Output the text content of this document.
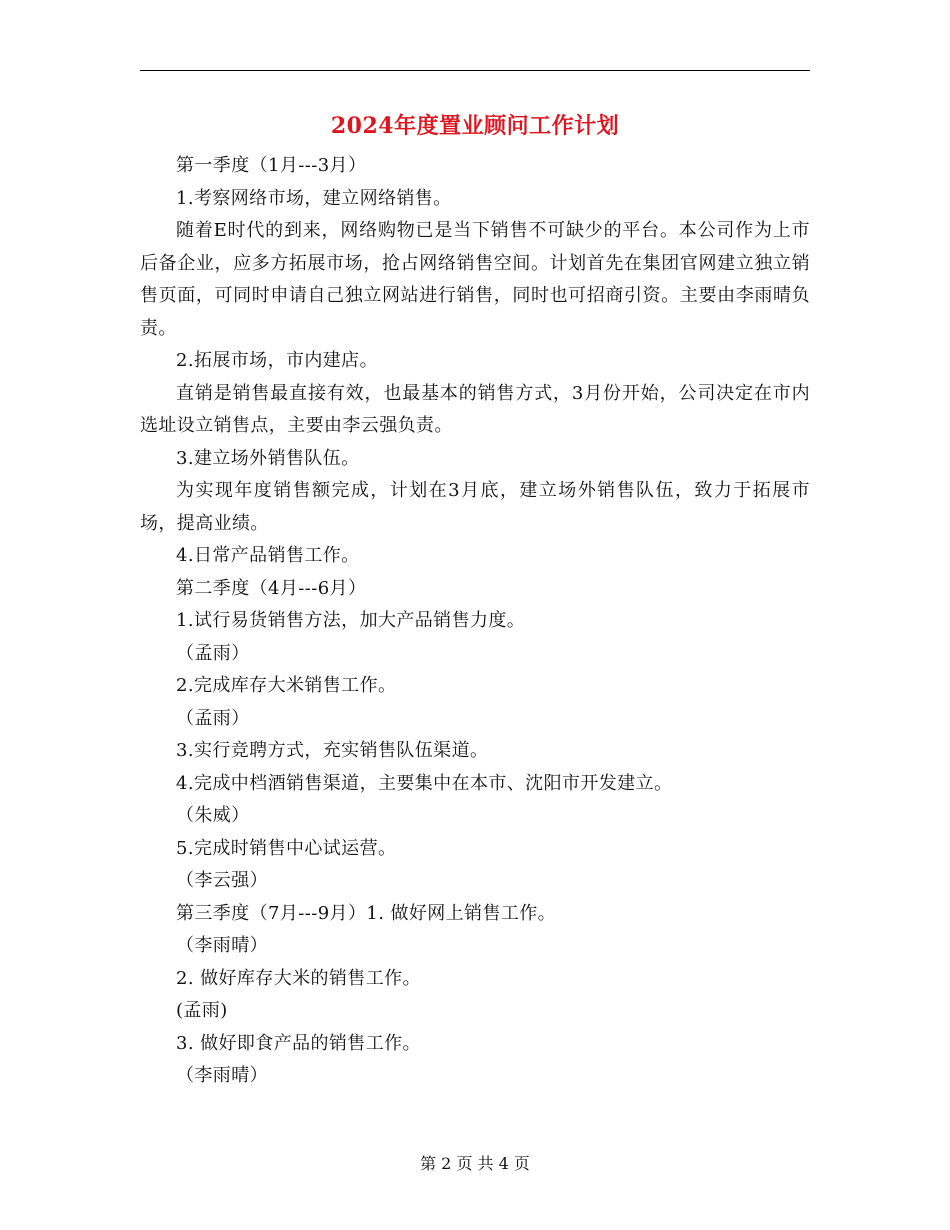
2024年度置业顾问工作计划

第一季度（1月---3月）

1.考察网络市场，建立网络销售。

随着E时代的到来，网络购物已是当下销售不可缺少的平台。本公司作为上市后备企业，应多方拓展市场，抢占网络销售空间。计划首先在集团官网建立独立销售页面，可同时申请自己独立网站进行销售，同时也可招商引资。主要由李雨晴负责。

2.拓展市场，市内建店。

直销是销售最直接有效，也最基本的销售方式，3月份开始，公司决定在市内选址设立销售点，主要由李云强负责。

3.建立场外销售队伍。

为实现年度销售额完成，计划在3月底，建立场外销售队伍，致力于拓展市场，提高业绩。

4.日常产品销售工作。

第二季度（4月---6月）

1.试行易货销售方法，加大产品销售力度。

（孟雨）

2.完成库存大米销售工作。

（孟雨）

3.实行竞聘方式，充实销售队伍渠道。

4.完成中档酒销售渠道，主要集中在本市、沈阳市开发建立。

（朱威）

5.完成时销售中心试运营。

（李云强）

第三季度（7月---9月）1. 做好网上销售工作。

（李雨晴）

2. 做好库存大米的销售工作。

(孟雨)

3. 做好即食产品的销售工作。

（李雨晴）

第 2 页 共 4 页
